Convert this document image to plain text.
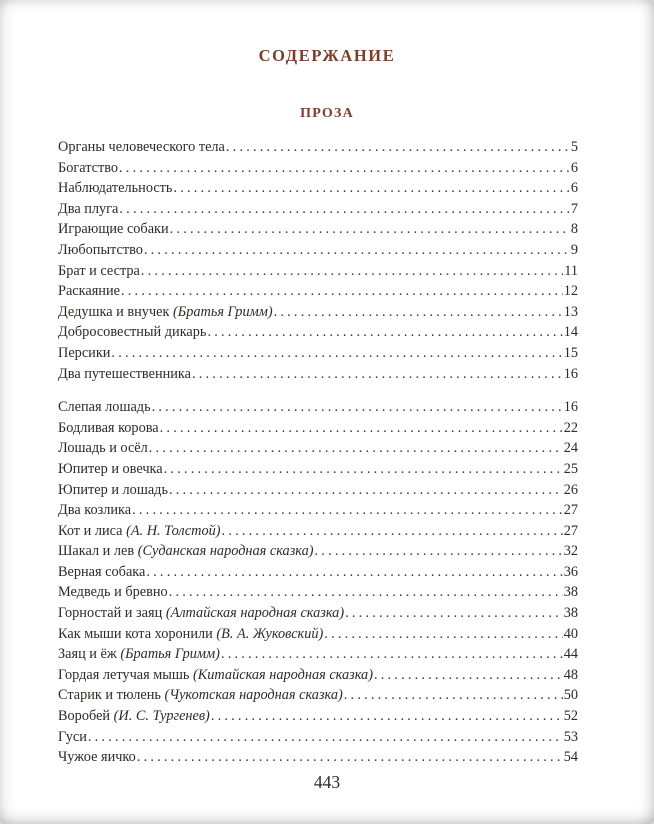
СОДЕРЖАНИЕ
ПРОЗА
Органы человеческого тела .....	5
Богатство .....	6
Наблюдательность .....	6
Два плуга .....	7
Играющие собаки .....	8
Любопытство .....	9
Брат и сестра .....	11
Раскаяние .....	12
Дедушка и внучек (Братья Гримм) .....	13
Добросовестный дикарь .....	14
Персики .....	15
Два путешественника .....	16
Слепая лошадь .....	16
Бодливая корова .....	22
Лошадь и осёл .....	24
Юпитер и овечка .....	25
Юпитер и лошадь .....	26
Два козлика .....	27
Кот и лиса (А. Н. Толстой) .....	27
Шакал и лев (Суданская народная сказка) .....	32
Верная собака .....	36
Медведь и бревно .....	38
Горностай и заяц (Алтайская народная сказка) .....	38
Как мыши кота хоронили (В. А. Жуковский) .....	40
Заяц и ёж (Братья Гримм) .....	44
Гордая летучая мышь (Китайская народная сказка) .....	48
Старик и тюлень (Чукотская народная сказка) .....	50
Воробей (И. С. Тургенев) .....	52
Гуси .....	53
Чужое яичко .....	54
443
